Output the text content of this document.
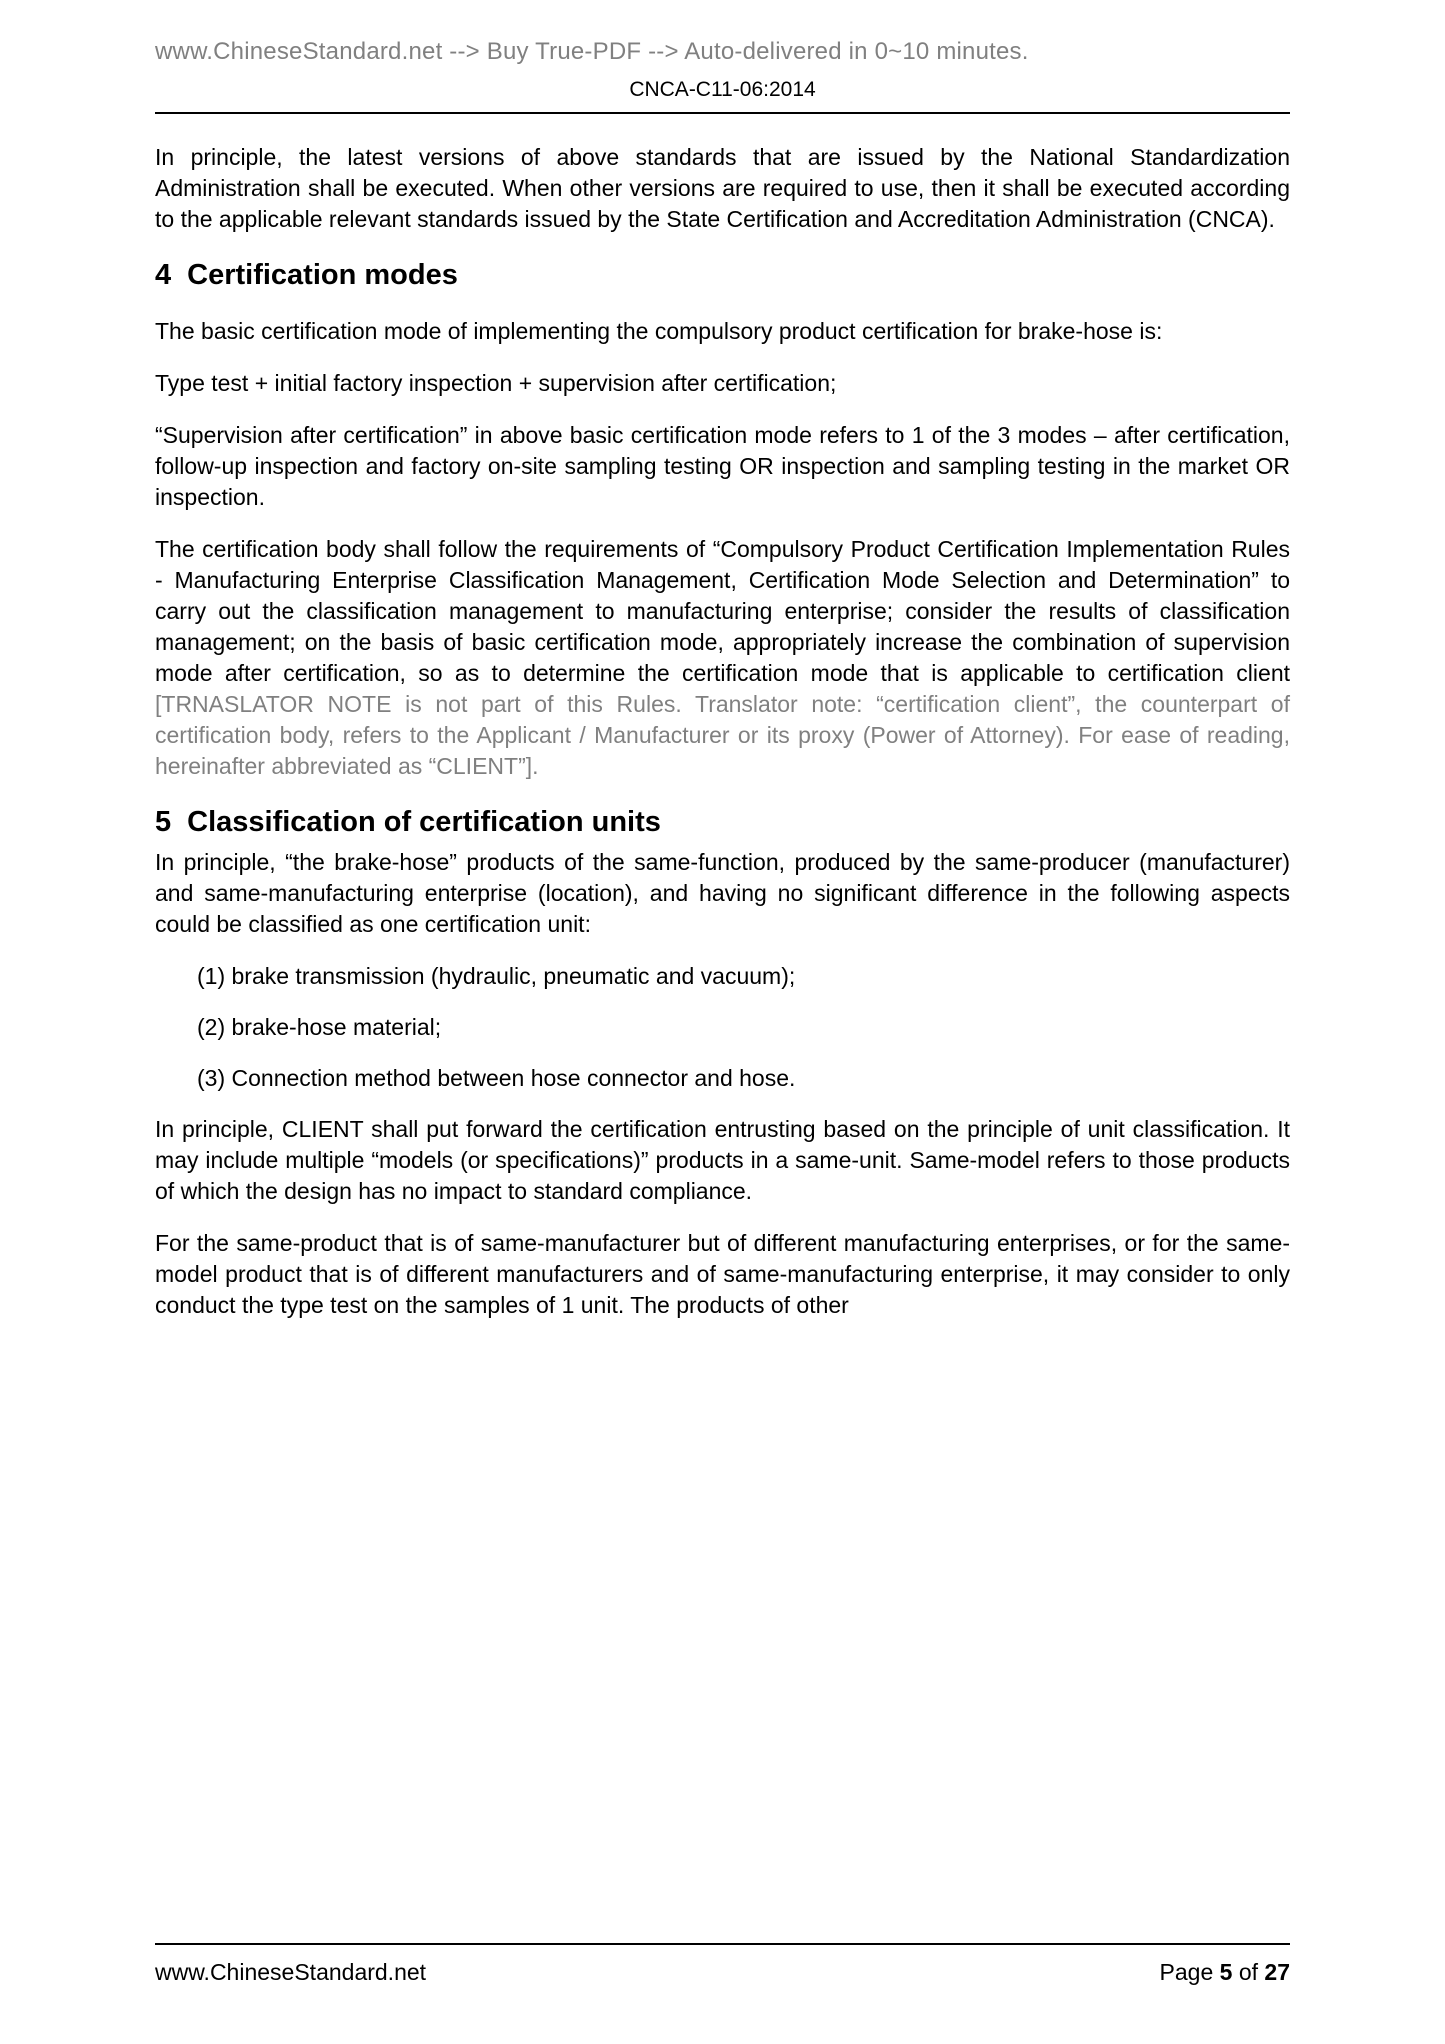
www.ChineseStandard.net --> Buy True-PDF --> Auto-delivered in 0~10 minutes.
CNCA-C11-06:2014

In principle, the latest versions of above standards that are issued by the National Standardization Administration shall be executed. When other versions are required to use, then it shall be executed according to the applicable relevant standards issued by the State Certification and Accreditation Administration (CNCA).

4 Certification modes

The basic certification mode of implementing the compulsory product certification for brake-hose is:

Type test + initial factory inspection + supervision after certification;

“Supervision after certification” in above basic certification mode refers to 1 of the 3 modes – after certification, follow-up inspection and factory on-site sampling testing OR inspection and sampling testing in the market OR inspection.

The certification body shall follow the requirements of “Compulsory Product Certification Implementation Rules - Manufacturing Enterprise Classification Management, Certification Mode Selection and Determination” to carry out the classification management to manufacturing enterprise; consider the results of classification management; on the basis of basic certification mode, appropriately increase the combination of supervision mode after certification, so as to determine the certification mode that is applicable to certification client [TRNASLATOR NOTE is not part of this Rules. Translator note: “certification client”, the counterpart of certification body, refers to the Applicant / Manufacturer or its proxy (Power of Attorney). For ease of reading, hereinafter abbreviated as “CLIENT”].

5 Classification of certification units

In principle, “the brake-hose” products of the same-function, produced by the same-producer (manufacturer) and same-manufacturing enterprise (location), and having no significant difference in the following aspects could be classified as one certification unit:

(1) brake transmission (hydraulic, pneumatic and vacuum);

(2) brake-hose material;

(3) Connection method between hose connector and hose.

In principle, CLIENT shall put forward the certification entrusting based on the principle of unit classification. It may include multiple “models (or specifications)” products in a same-unit. Same-model refers to those products of which the design has no impact to standard compliance.

For the same-product that is of same-manufacturer but of different manufacturing enterprises, or for the same-model product that is of different manufacturers and of same-manufacturing enterprise, it may consider to only conduct the type test on the samples of 1 unit. The products of other

www.ChineseStandard.net	Page 5 of 27
